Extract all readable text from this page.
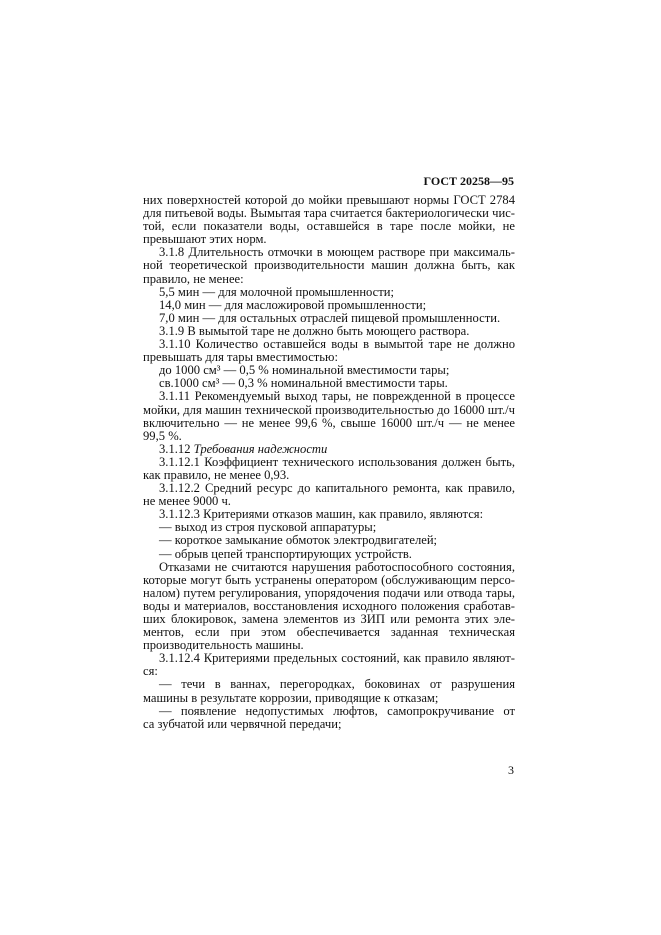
ГОСТ 20258—95
них поверхностей которой до мойки превышают нормы ГОСТ 2784
для питьевой воды. Вымытая тара считается бактериологически чис-
той, если показатели воды, оставшейся в таре после мойки, не
превышают этих норм.
3.1.8 Длительность отмочки в моющем растворе при максималь-
ной теоретической производительности машин должна быть, как
правило, не менее:
5,5 мин — для молочной промышленности;
14,0 мин — для масложировой промышленности;
7,0 мин — для остальных отраслей пищевой промышленности.
3.1.9 В вымытой таре не должно быть моющего раствора.
3.1.10 Количество оставшейся воды в вымытой таре не должно
превышать для тары вместимостью:
до 1000 см³ — 0,5 % номинальной вместимости тары;
св.1000 см³ — 0,3 % номинальной вместимости тары.
3.1.11 Рекомендуемый выход тары, не поврежденной в процессе
мойки, для машин технической производительностью до 16000 шт./ч
включительно — не менее 99,6 %, свыше 16000 шт./ч — не менее
99,5 %.
3.1.12 Требования надежности
3.1.12.1 Коэффициент технического использования должен быть,
как правило, не менее 0,93.
3.1.12.2 Средний ресурс до капитального ремонта, как правило,
не менее 9000 ч.
3.1.12.3 Критериями отказов машин, как правило, являются:
— выход из строя пусковой аппаратуры;
— короткое замыкание обмоток электродвигателей;
— обрыв цепей транспортирующих устройств.
Отказами не считаются нарушения работоспособного состояния,
которые могут быть устранены оператором (обслуживающим персо-
налом) путем регулирования, упорядочения подачи или отвода тары,
воды и материалов, восстановления исходного положения сработав-
ших блокировок, замена элементов из ЗИП или ремонта этих эле-
ментов, если при этом обеспечивается заданная техническая
производительность машины.
3.1.12.4 Критериями предельных состояний, как правило являют-
ся:
— течи в ваннах, перегородках, боковинах от разрушения
машины в результате коррозии, приводящие к отказам;
— появление недопустимых люфтов, самопрокручивание от
са зубчатой или червячной передачи;
3
